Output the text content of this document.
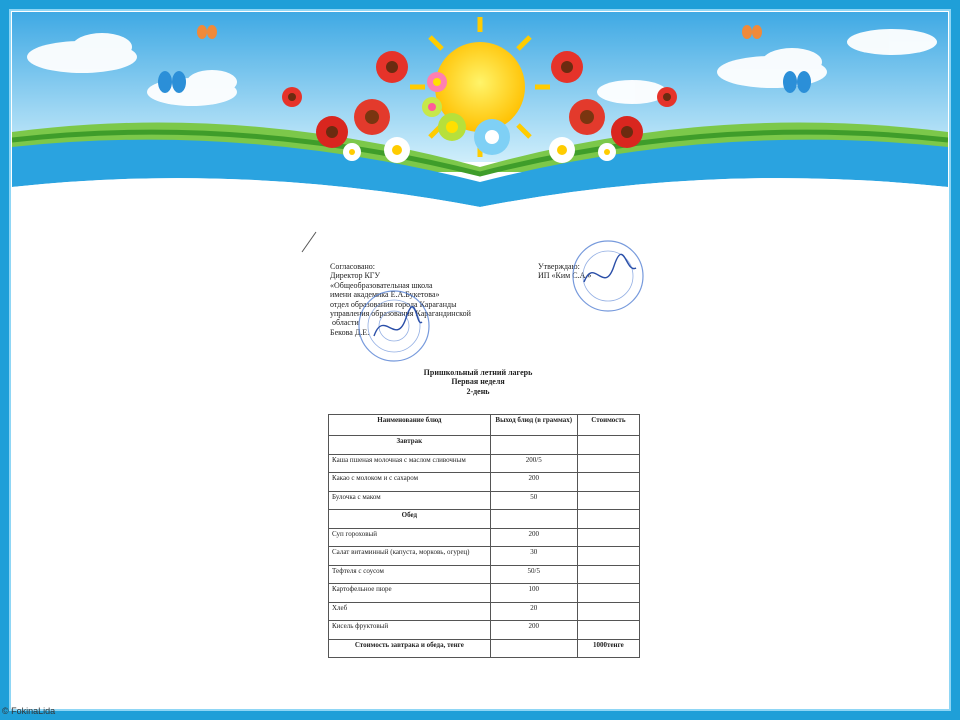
Согласовано:
Директор КГУ
«Общеобразовательная школа
имени академика Е.А.Букетова»
отдел образования города Караганды
управления образования Карагандинской
области
Бекова Д.Е.
Утверждаю:
ИП «Ким С.А.»
Пришкольный летний лагерь
Первая неделя
2-день
Наименование блюд	Выход блюд (в граммах)	Стоимость
Завтрак		
Каша пшеная молочная с маслом сливочным	200/5	
Какао с молоком и с сахаром	200	
Булочка с маком	50	
Обед		
Суп гороховый	200	
Салат витаминный (капуста, морковь, огурец)	30	
Тефтеля с соусом	50/5	
Картофельное пюре	100	
Хлеб	20	
Кисель фруктовый	200	
Стоимость завтрака и обеда, тенге		1000тенге
© FokinaLida
